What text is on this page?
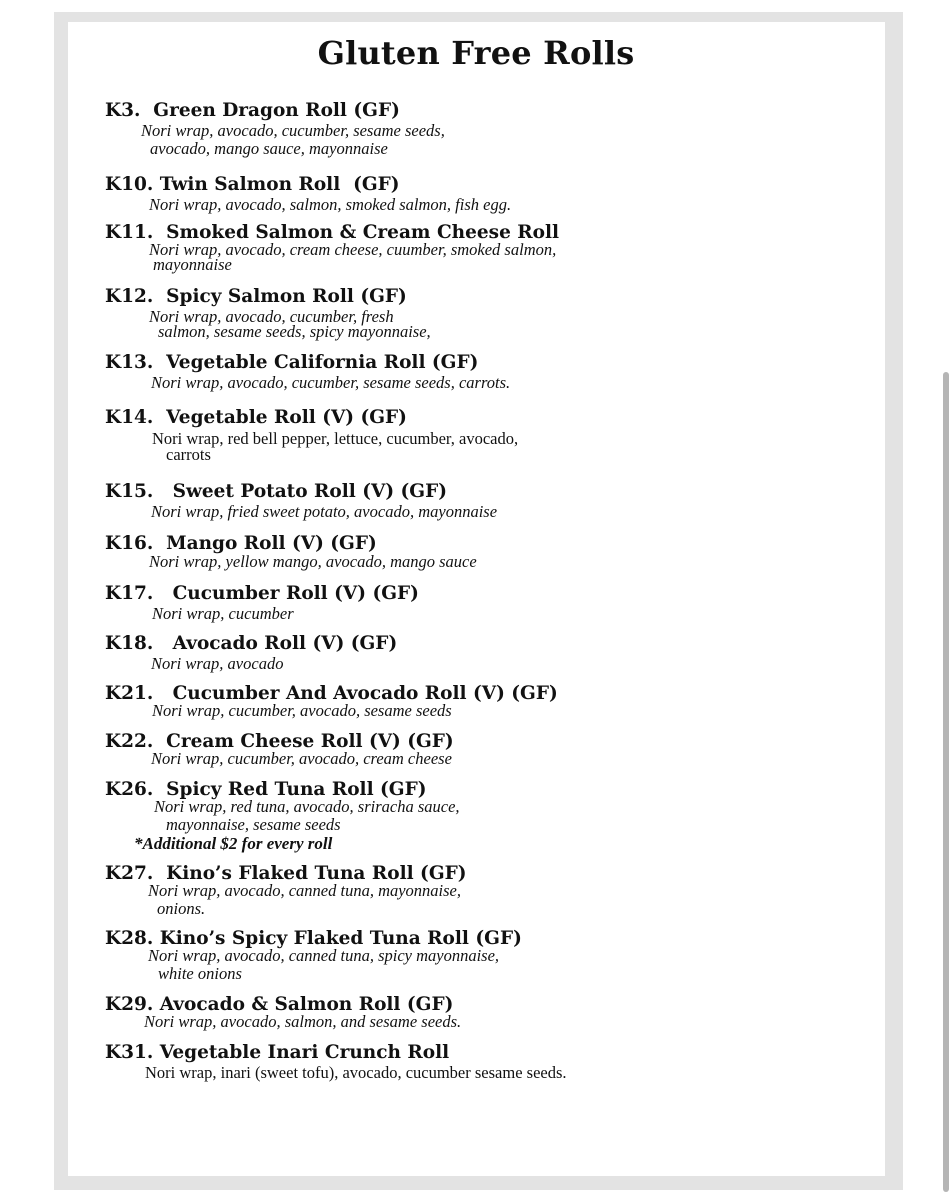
Gluten Free Rolls
K3.  Green Dragon Roll (GF)
Nori wrap, avocado, cucumber, sesame seeds,
avocado, mango sauce, mayonnaise
K10. Twin Salmon Roll  (GF)
Nori wrap, avocado, salmon, smoked salmon, fish egg.
K11.  Smoked Salmon & Cream Cheese Roll
Nori wrap, avocado, cream cheese, cuumber, smoked salmon,
mayonnaise
K12.  Spicy Salmon Roll (GF)
Nori wrap, avocado, cucumber, fresh
salmon, sesame seeds, spicy mayonnaise,
K13.  Vegetable California Roll (GF)
Nori wrap, avocado, cucumber, sesame seeds, carrots.
K14.  Vegetable Roll (V) (GF)
Nori wrap, red bell pepper, lettuce, cucumber, avocado,
carrots
K15.   Sweet Potato Roll (V) (GF)
Nori wrap, fried sweet potato, avocado, mayonnaise
K16.  Mango Roll (V) (GF)
Nori wrap, yellow mango, avocado, mango sauce
K17.   Cucumber Roll (V) (GF)
Nori wrap, cucumber
K18.   Avocado Roll (V) (GF)
Nori wrap, avocado
K21.   Cucumber And Avocado Roll (V) (GF)
Nori wrap, cucumber, avocado, sesame seeds
K22.  Cream Cheese Roll (V) (GF)
Nori wrap, cucumber, avocado, cream cheese
K26.  Spicy Red Tuna Roll (GF)
Nori wrap, red tuna, avocado, sriracha sauce,
mayonnaise, sesame seeds
*Additional $2 for every roll
K27.  Kino’s Flaked Tuna Roll (GF)
Nori wrap, avocado, canned tuna, mayonnaise,
onions.
K28. Kino’s Spicy Flaked Tuna Roll (GF)
Nori wrap, avocado, canned tuna, spicy mayonnaise,
white onions
K29. Avocado & Salmon Roll (GF)
Nori wrap, avocado, salmon, and sesame seeds.
K31. Vegetable Inari Crunch Roll
Nori wrap, inari (sweet tofu), avocado, cucumber sesame seeds.
